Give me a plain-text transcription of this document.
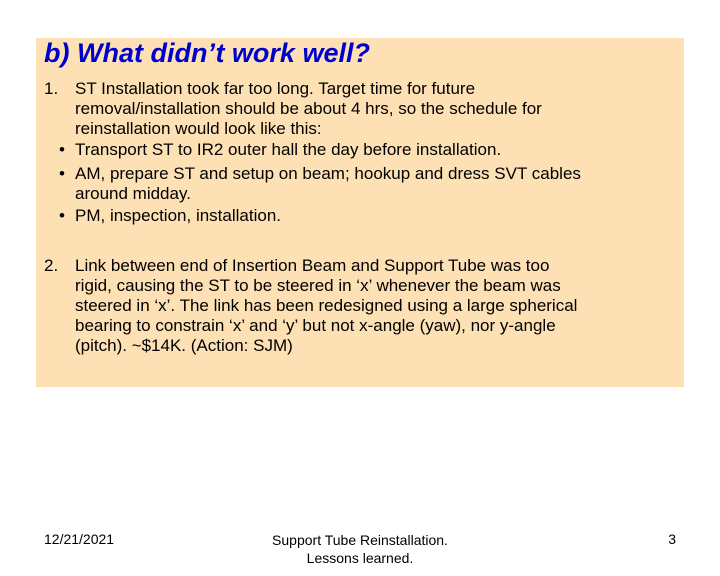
b) What didn’t work well?
1. ST Installation took far too long. Target time for future
removal/installation should be about 4 hrs, so the schedule for
reinstallation would look like this:
• Transport ST to IR2 outer hall the day before installation.
• AM, prepare ST and setup on beam; hookup and dress SVT cables
around midday.
• PM, inspection, installation.
2. Link between end of Insertion Beam and Support Tube was too
rigid, causing the ST to be steered in ‘x’ whenever the beam was
steered in ‘x’. The link has been redesigned using a large spherical
bearing to constrain ‘x’ and ‘y’ but not x-angle (yaw), nor y-angle
(pitch). ~$14K. (Action: SJM)
12/21/2021	Support Tube Reinstallation.
Lessons learned.
3
